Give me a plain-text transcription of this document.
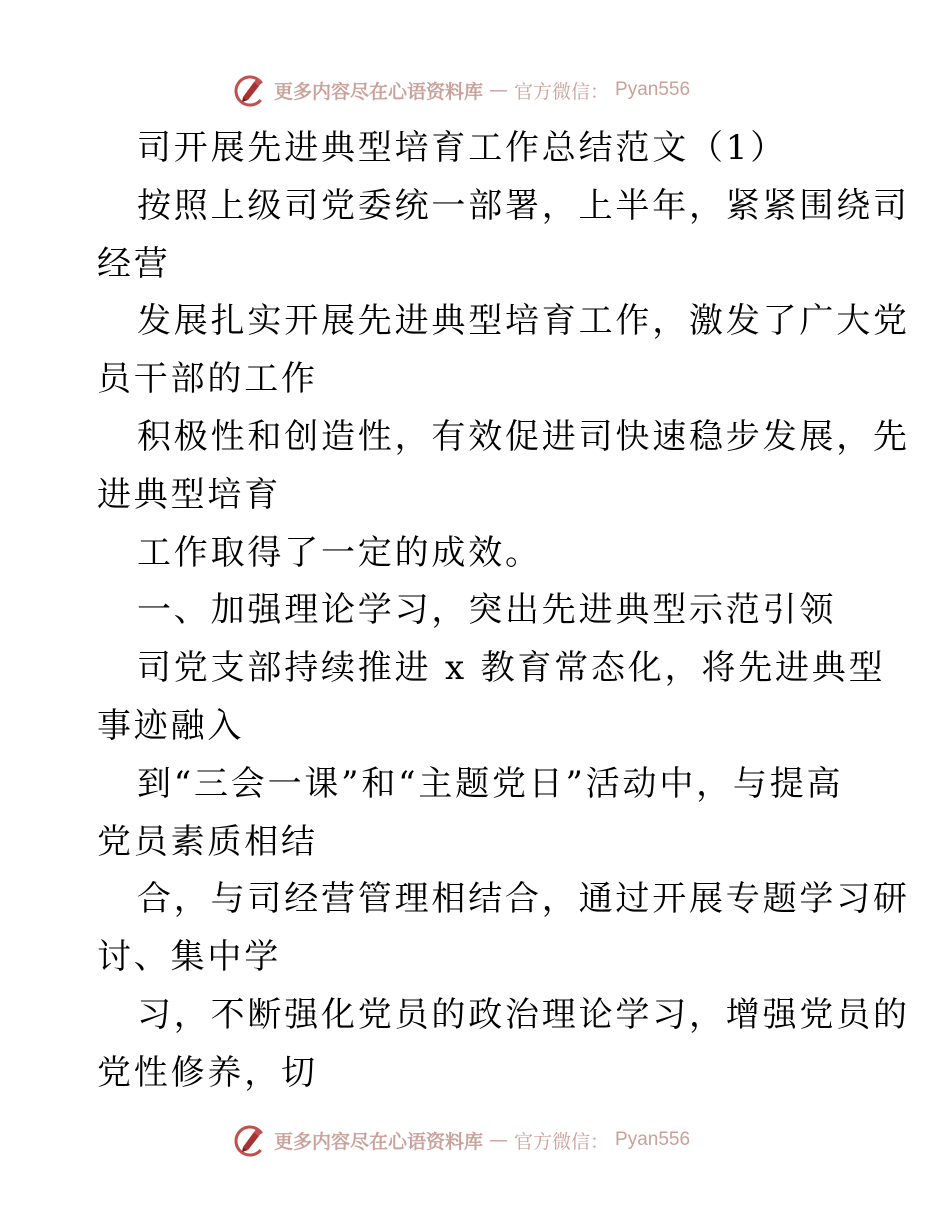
更多内容尽在心语资料库 — 官方微信： Pyan556
司开展先进典型培育工作总结范文（1）
按照上级司党委统一部署，上半年，紧紧围绕司
经营
发展扎实开展先进典型培育工作，激发了广大党
员干部的工作
积极性和创造性，有效促进司快速稳步发展，先
进典型培育
工作取得了一定的成效。
一、加强理论学习，突出先进典型示范引领
司党支部持续推进 x 教育常态化，将先进典型
事迹融入
到“三会一课”和“主题党日”活动中，与提高
党员素质相结
合，与司经营管理相结合，通过开展专题学习研
讨、集中学
习，不断强化党员的政治理论学习，增强党员的
党性修养，切
更多内容尽在心语资料库 — 官方微信： Pyan556
